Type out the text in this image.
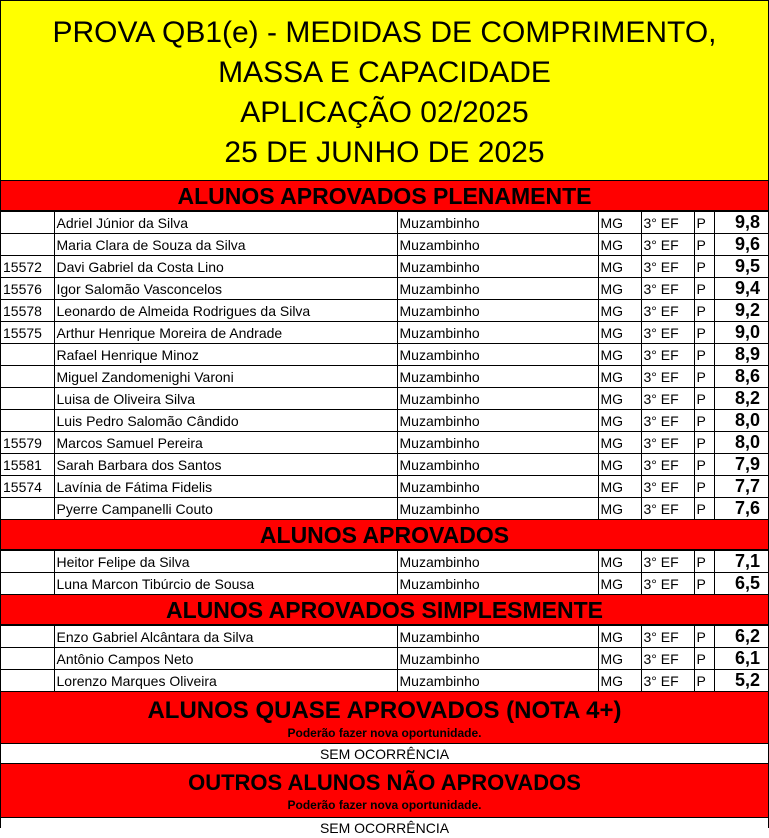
PROVA QB1(e) - MEDIDAS DE COMPRIMENTO,
MASSA E CAPACIDADE
APLICAÇÃO 02/2025
25 DE JUNHO DE 2025
ALUNOS APROVADOS PLENAMENTE
	Adriel Júnior da Silva	Muzambinho	MG	3° EF	P	9,8
	Maria Clara de Souza da Silva	Muzambinho	MG	3° EF	P	9,6
15572	Davi Gabriel da Costa Lino	Muzambinho	MG	3° EF	P	9,5
15576	Igor Salomão Vasconcelos	Muzambinho	MG	3° EF	P	9,4
15578	Leonardo de Almeida Rodrigues da Silva	Muzambinho	MG	3° EF	P	9,2
15575	Arthur Henrique Moreira de Andrade	Muzambinho	MG	3° EF	P	9,0
	Rafael Henrique Minoz	Muzambinho	MG	3° EF	P	8,9
	Miguel Zandomenighi Varoni	Muzambinho	MG	3° EF	P	8,6
	Luisa de Oliveira Silva	Muzambinho	MG	3° EF	P	8,2
	Luis Pedro Salomão Cândido	Muzambinho	MG	3° EF	P	8,0
15579	Marcos Samuel Pereira	Muzambinho	MG	3° EF	P	8,0
15581	Sarah Barbara dos Santos	Muzambinho	MG	3° EF	P	7,9
15574	Lavínia de Fátima Fidelis	Muzambinho	MG	3° EF	P	7,7
	Pyerre Campanelli Couto	Muzambinho	MG	3° EF	P	7,6
ALUNOS APROVADOS
	Heitor Felipe da Silva	Muzambinho	MG	3° EF	P	7,1
	Luna Marcon Tibúrcio de Sousa	Muzambinho	MG	3° EF	P	6,5
ALUNOS APROVADOS SIMPLESMENTE
	Enzo Gabriel Alcântara da Silva	Muzambinho	MG	3° EF	P	6,2
	Antônio Campos Neto	Muzambinho	MG	3° EF	P	6,1
	Lorenzo Marques Oliveira	Muzambinho	MG	3° EF	P	5,2
ALUNOS QUASE APROVADOS (NOTA 4+)
Poderão fazer nova oportunidade.
SEM OCORRÊNCIA
OUTROS ALUNOS NÃO APROVADOS
Poderão fazer nova oportunidade.
SEM OCORRÊNCIA
